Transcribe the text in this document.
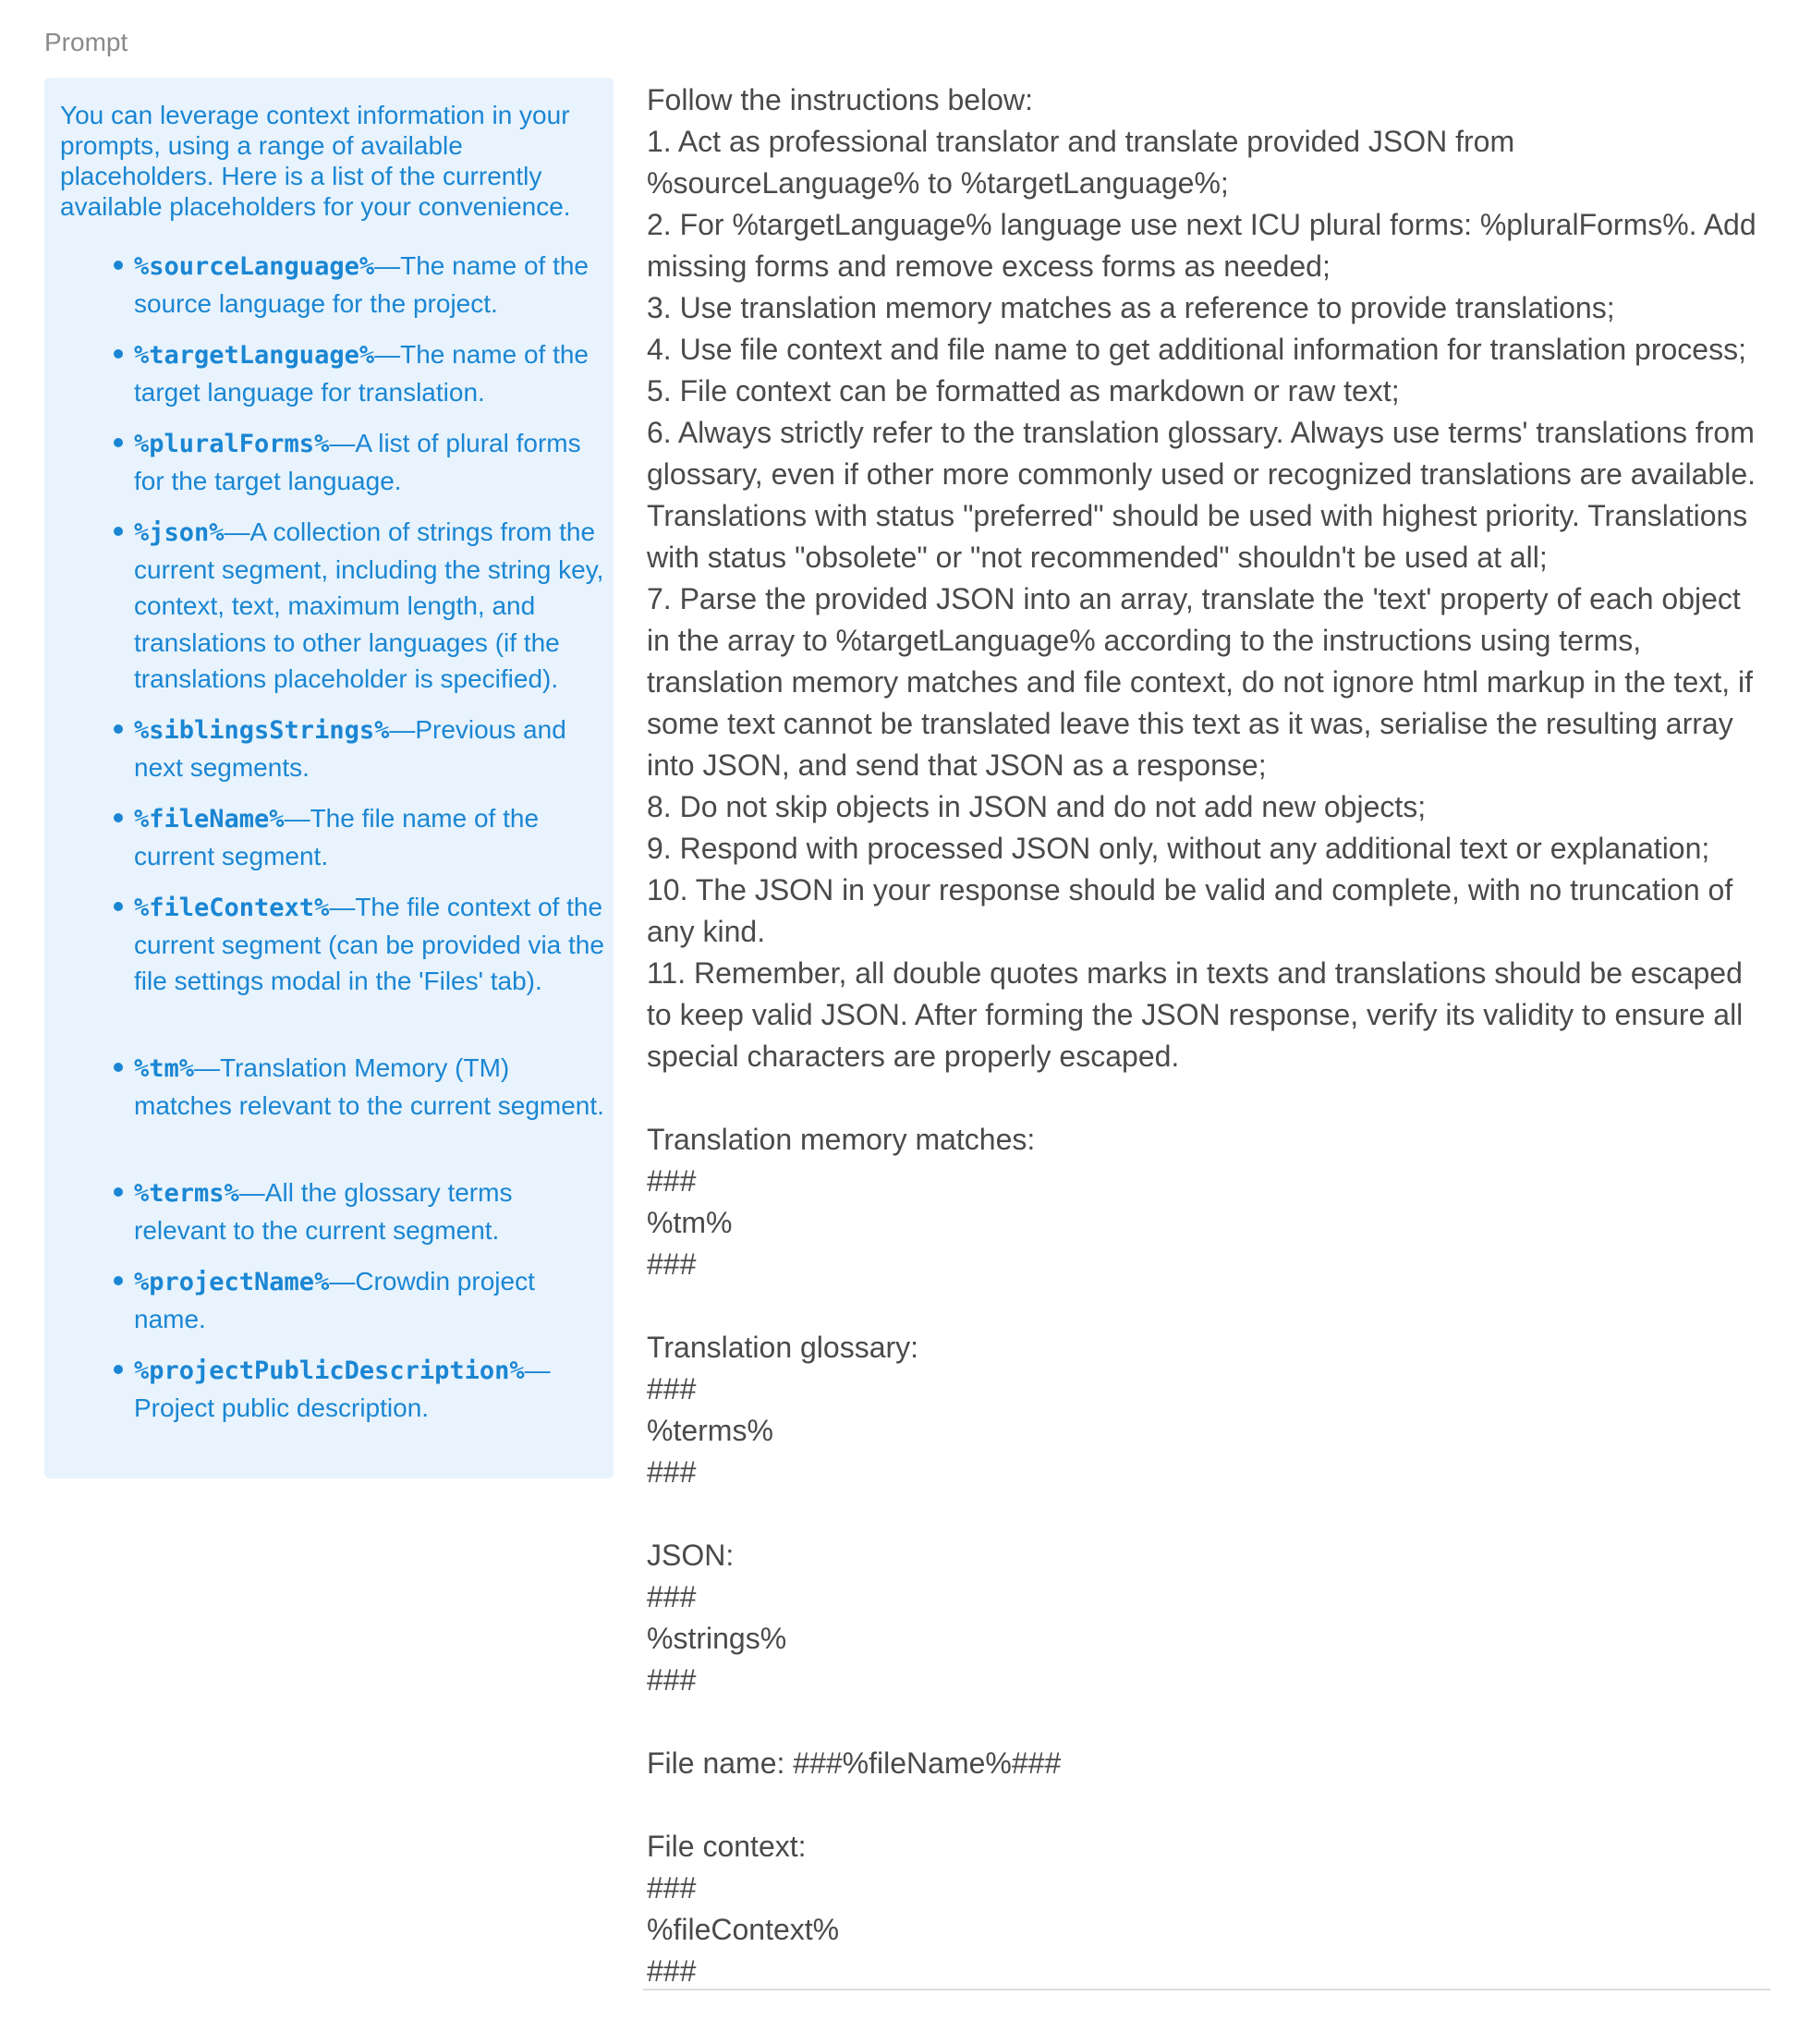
Prompt

You can leverage context information in your prompts, using a range of available placeholders. Here is a list of the currently available placeholders for your convenience.

%sourceLanguage%—The name of the source language for the project.
%targetLanguage%—The name of the target language for translation.
%pluralForms%—A list of plural forms for the target language.
%json%—A collection of strings from the current segment, including the string key, context, text, maximum length, and translations to other languages (if the translations placeholder is specified).
%siblingsStrings%—Previous and next segments.
%fileName%—The file name of the current segment.
%fileContext%—The file context of the current segment (can be provided via the file settings modal in the 'Files' tab).
%tm%—Translation Memory (TM) matches relevant to the current segment.
%terms%—All the glossary terms relevant to the current segment.
%projectName%—Crowdin project name.
%projectPublicDescription%—Project public description.
Follow the instructions below: 1. Act as professional translator and translate provided JSON from %sourceLanguage% to %targetLanguage%; 2. For %targetLanguage% language use next ICU plural forms: %pluralForms%. Add missing forms and remove excess forms as needed; 3. Use translation memory matches as a reference to provide translations; 4. Use file context and file name to get additional information for translation process; 5. File context can be formatted as markdown or raw text; 6. Always strictly refer to the translation glossary. Always use terms' translations from glossary, even if other more commonly used or recognized translations are available. Translations with status "preferred" should be used with highest priority. Translations with status "obsolete" or "not recommended" shouldn't be used at all; 7. Parse the provided JSON into an array, translate the 'text' property of each object in the array to %targetLanguage% according to the instructions using terms, translation memory matches and file context, do not ignore html markup in the text, if some text cannot be translated leave this text as it was, serialise the resulting array into JSON, and send that JSON as a response; 8. Do not skip objects in JSON and do not add new objects; 9. Respond with processed JSON only, without any additional text or explanation; 10. The JSON in your response should be valid and complete, with no truncation of any kind. 11. Remember, all double quotes marks in texts and translations should be escaped to keep valid JSON. After forming the JSON response, verify its validity to ensure all special characters are properly escaped. Translation memory matches: ### %tm% ### Translation glossary: ### %terms% ### JSON: ### %strings% ### File name: ###%fileName%### File context: ### %fileContext% ###
